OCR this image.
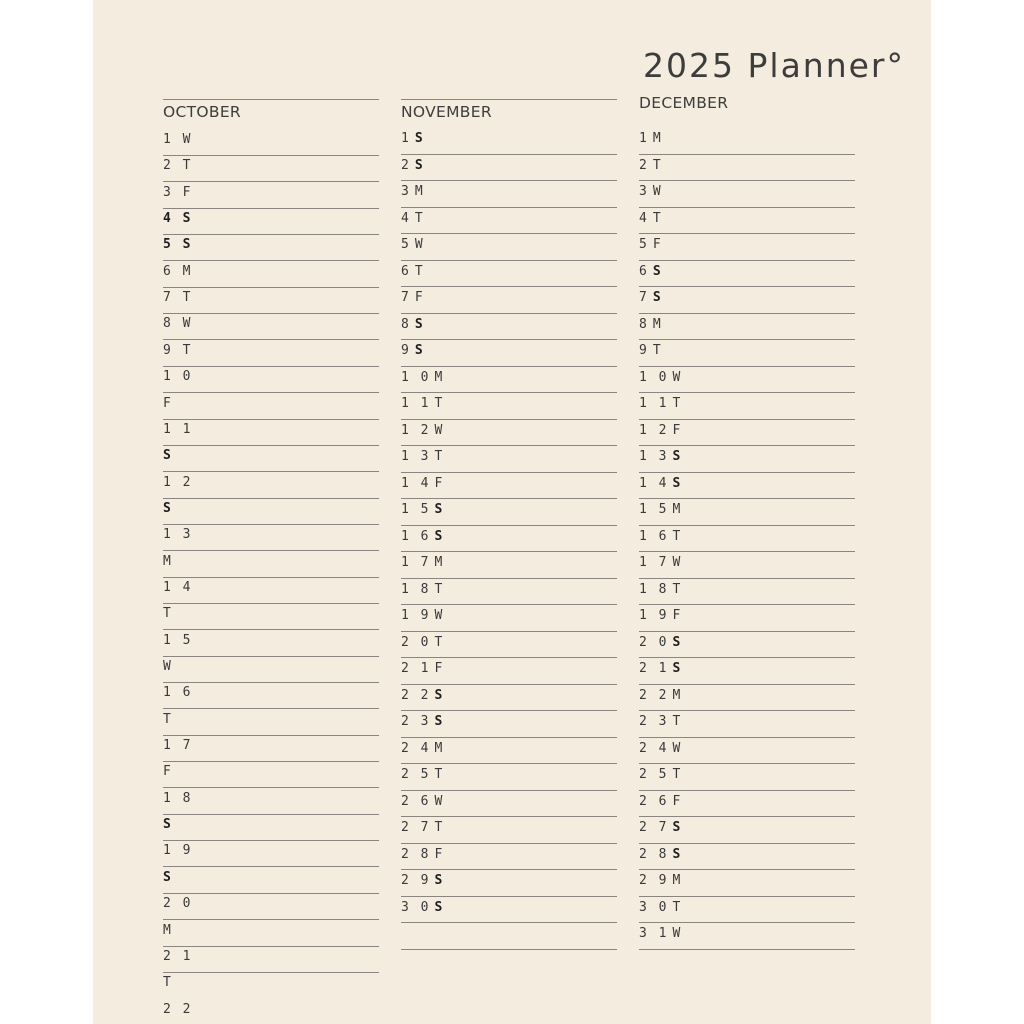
2025 Planner°
OCTOBER
1 W
2 T
3 F
4 S
5 S
6 M
7 T
8 W
9 T
1 0
F
1 1
S
1 2
S
1 3
M
1 4
T
1 5
W
1 6
T
1 7
F
1 8
S
1 9
S
2 0
M
2 1
T
2 2
NOVEMBER
1 S
2 S
3 M
4 T
5 W
6 T
7 F
8 S
9 S
1 0 M
1 1 T
1 2 W
1 3 T
1 4 F
1 5 S
1 6 S
1 7 M
1 8 T
1 9 W
2 0 T
2 1 F
2 2 S
2 3 S
2 4 M
2 5 T
2 6 W
2 7 T
2 8 F
2 9 S
3 0 S
DECEMBER
1 M
2 T
3 W
4 T
5 F
6 S
7 S
8 M
9 T
1 0 W
1 1 T
1 2 F
1 3 S
1 4 S
1 5 M
1 6 T
1 7 W
1 8 T
1 9 F
2 0 S
2 1 S
2 2 M
2 3 T
2 4 W
2 5 T
2 6 F
2 7 S
2 8 S
2 9 M
3 0 T
3 1 W
